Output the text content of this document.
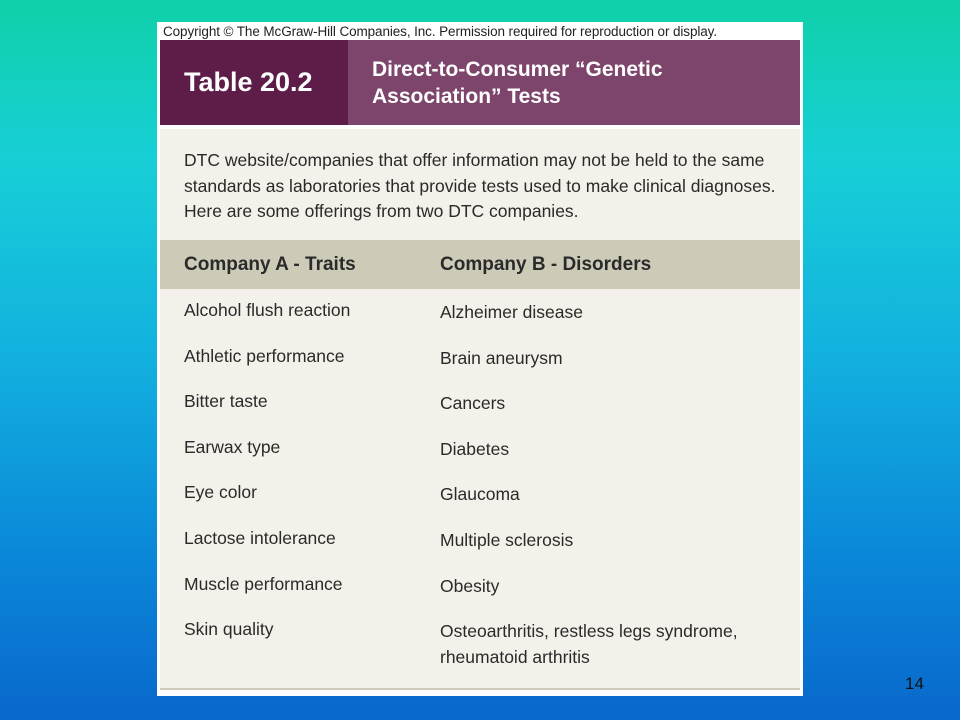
Copyright © The McGraw-Hill Companies, Inc. Permission required for reproduction or display.
Table 20.2	Direct-to-Consumer “Genetic
Association” Tests
DTC website/companies that offer information may not be held to the same standards as laboratories that provide tests used to make clinical diagnoses. Here are some offerings from two DTC companies.
Company A - Traits	Company B - Disorders
Alcohol flush reaction	Alzheimer disease
Athletic performance	Brain aneurysm
Bitter taste	Cancers
Earwax type	Diabetes
Eye color	Glaucoma
Lactose intolerance	Multiple sclerosis
Muscle performance	Obesity
Skin quality	Osteoarthritis, restless legs syndrome, rheumatoid arthritis
14
